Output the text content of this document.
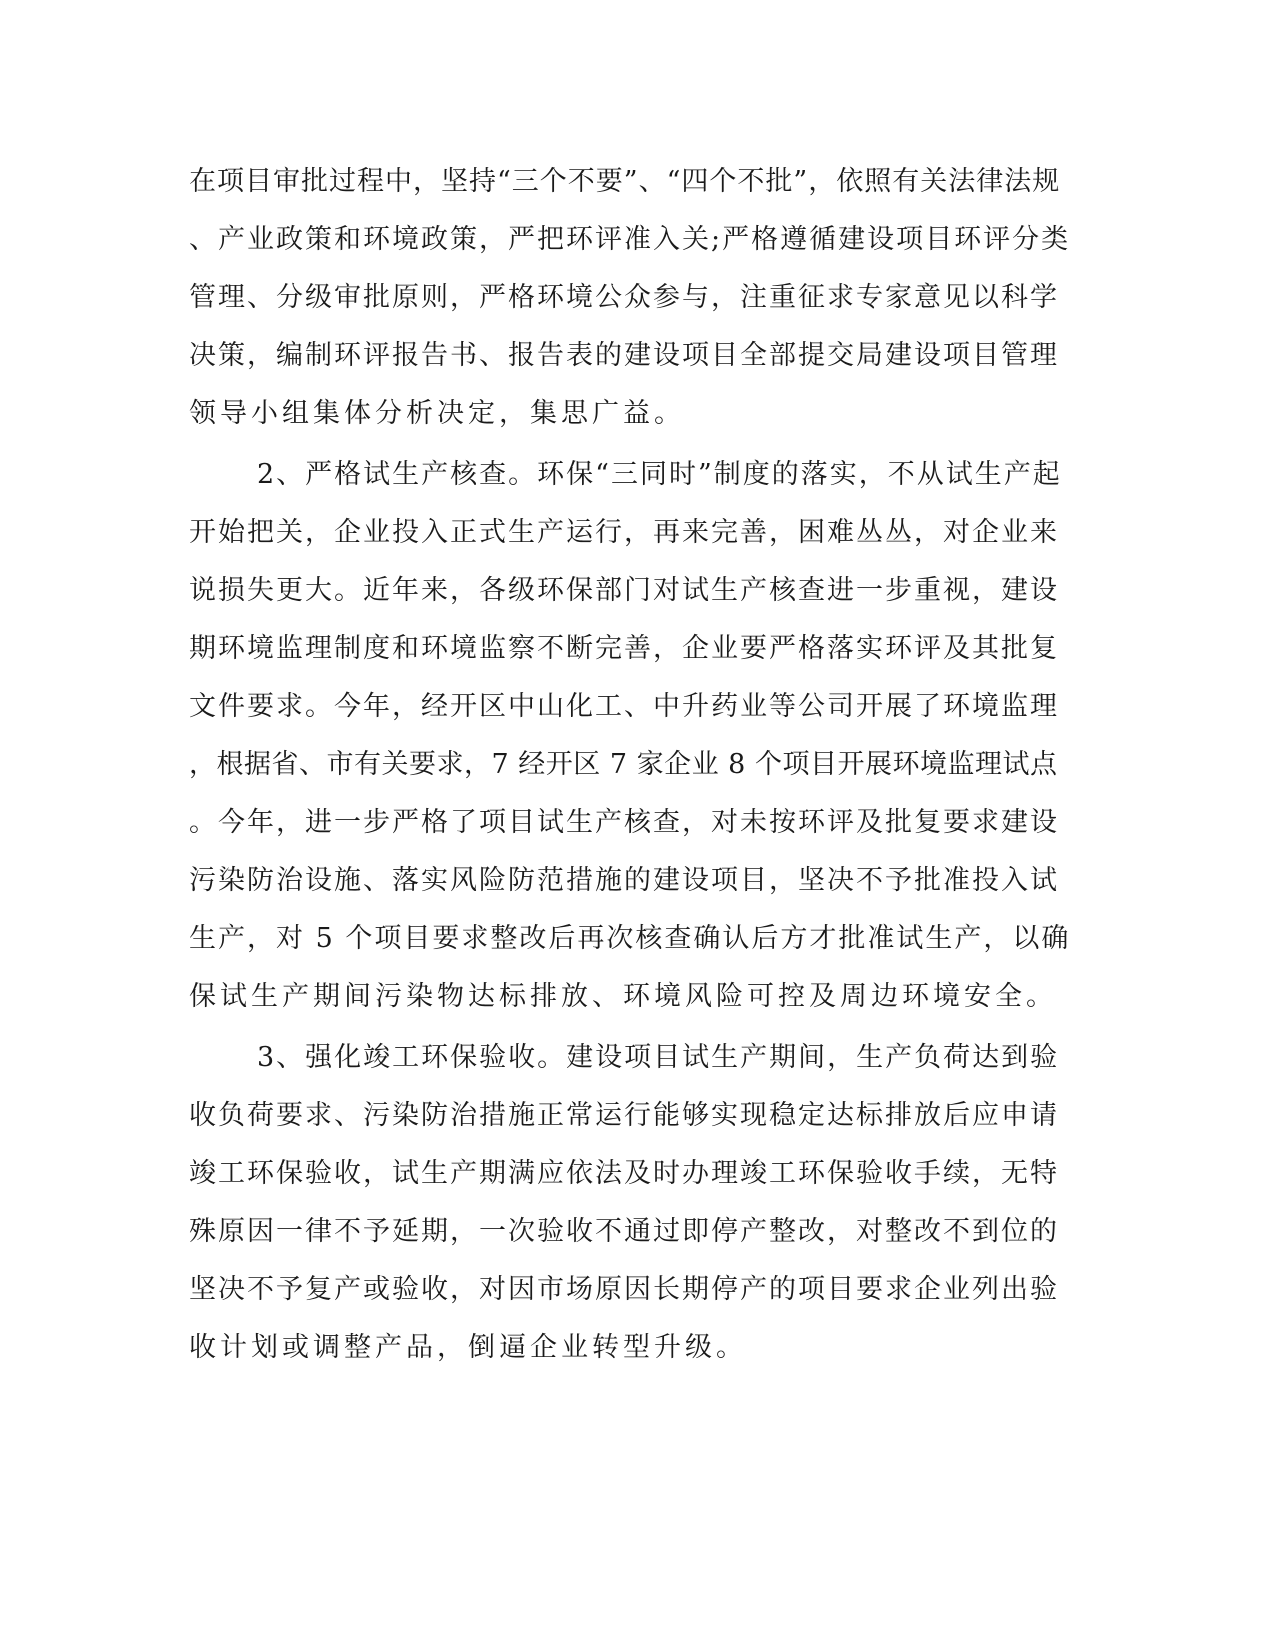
在项目审批过程中，坚持“三个不要”、“四个不批”，依照有关法律法规
、产业政策和环境政策，严把环评准入关;严格遵循建设项目环评分类
管理、分级审批原则，严格环境公众参与，注重征求专家意见以科学
决策，编制环评报告书、报告表的建设项目全部提交局建设项目管理
领导小组集体分析决定，集思广益。
2、严格试生产核查。环保“三同时”制度的落实，不从试生产起
开始把关，企业投入正式生产运行，再来完善，困难丛丛，对企业来
说损失更大。近年来，各级环保部门对试生产核查进一步重视，建设
期环境监理制度和环境监察不断完善，企业要严格落实环评及其批复
文件要求。今年，经开区中山化工、中升药业等公司开展了环境监理
，根据省、市有关要求，7 经开区 7 家企业 8 个项目开展环境监理试点
。今年，进一步严格了项目试生产核查，对未按环评及批复要求建设
污染防治设施、落实风险防范措施的建设项目，坚决不予批准投入试
生产，对 5 个项目要求整改后再次核查确认后方才批准试生产，以确
保试生产期间污染物达标排放、环境风险可控及周边环境安全。
3、强化竣工环保验收。建设项目试生产期间，生产负荷达到验
收负荷要求、污染防治措施正常运行能够实现稳定达标排放后应申请
竣工环保验收，试生产期满应依法及时办理竣工环保验收手续，无特
殊原因一律不予延期，一次验收不通过即停产整改，对整改不到位的
坚决不予复产或验收，对因市场原因长期停产的项目要求企业列出验
收计划或调整产品，倒逼企业转型升级。
